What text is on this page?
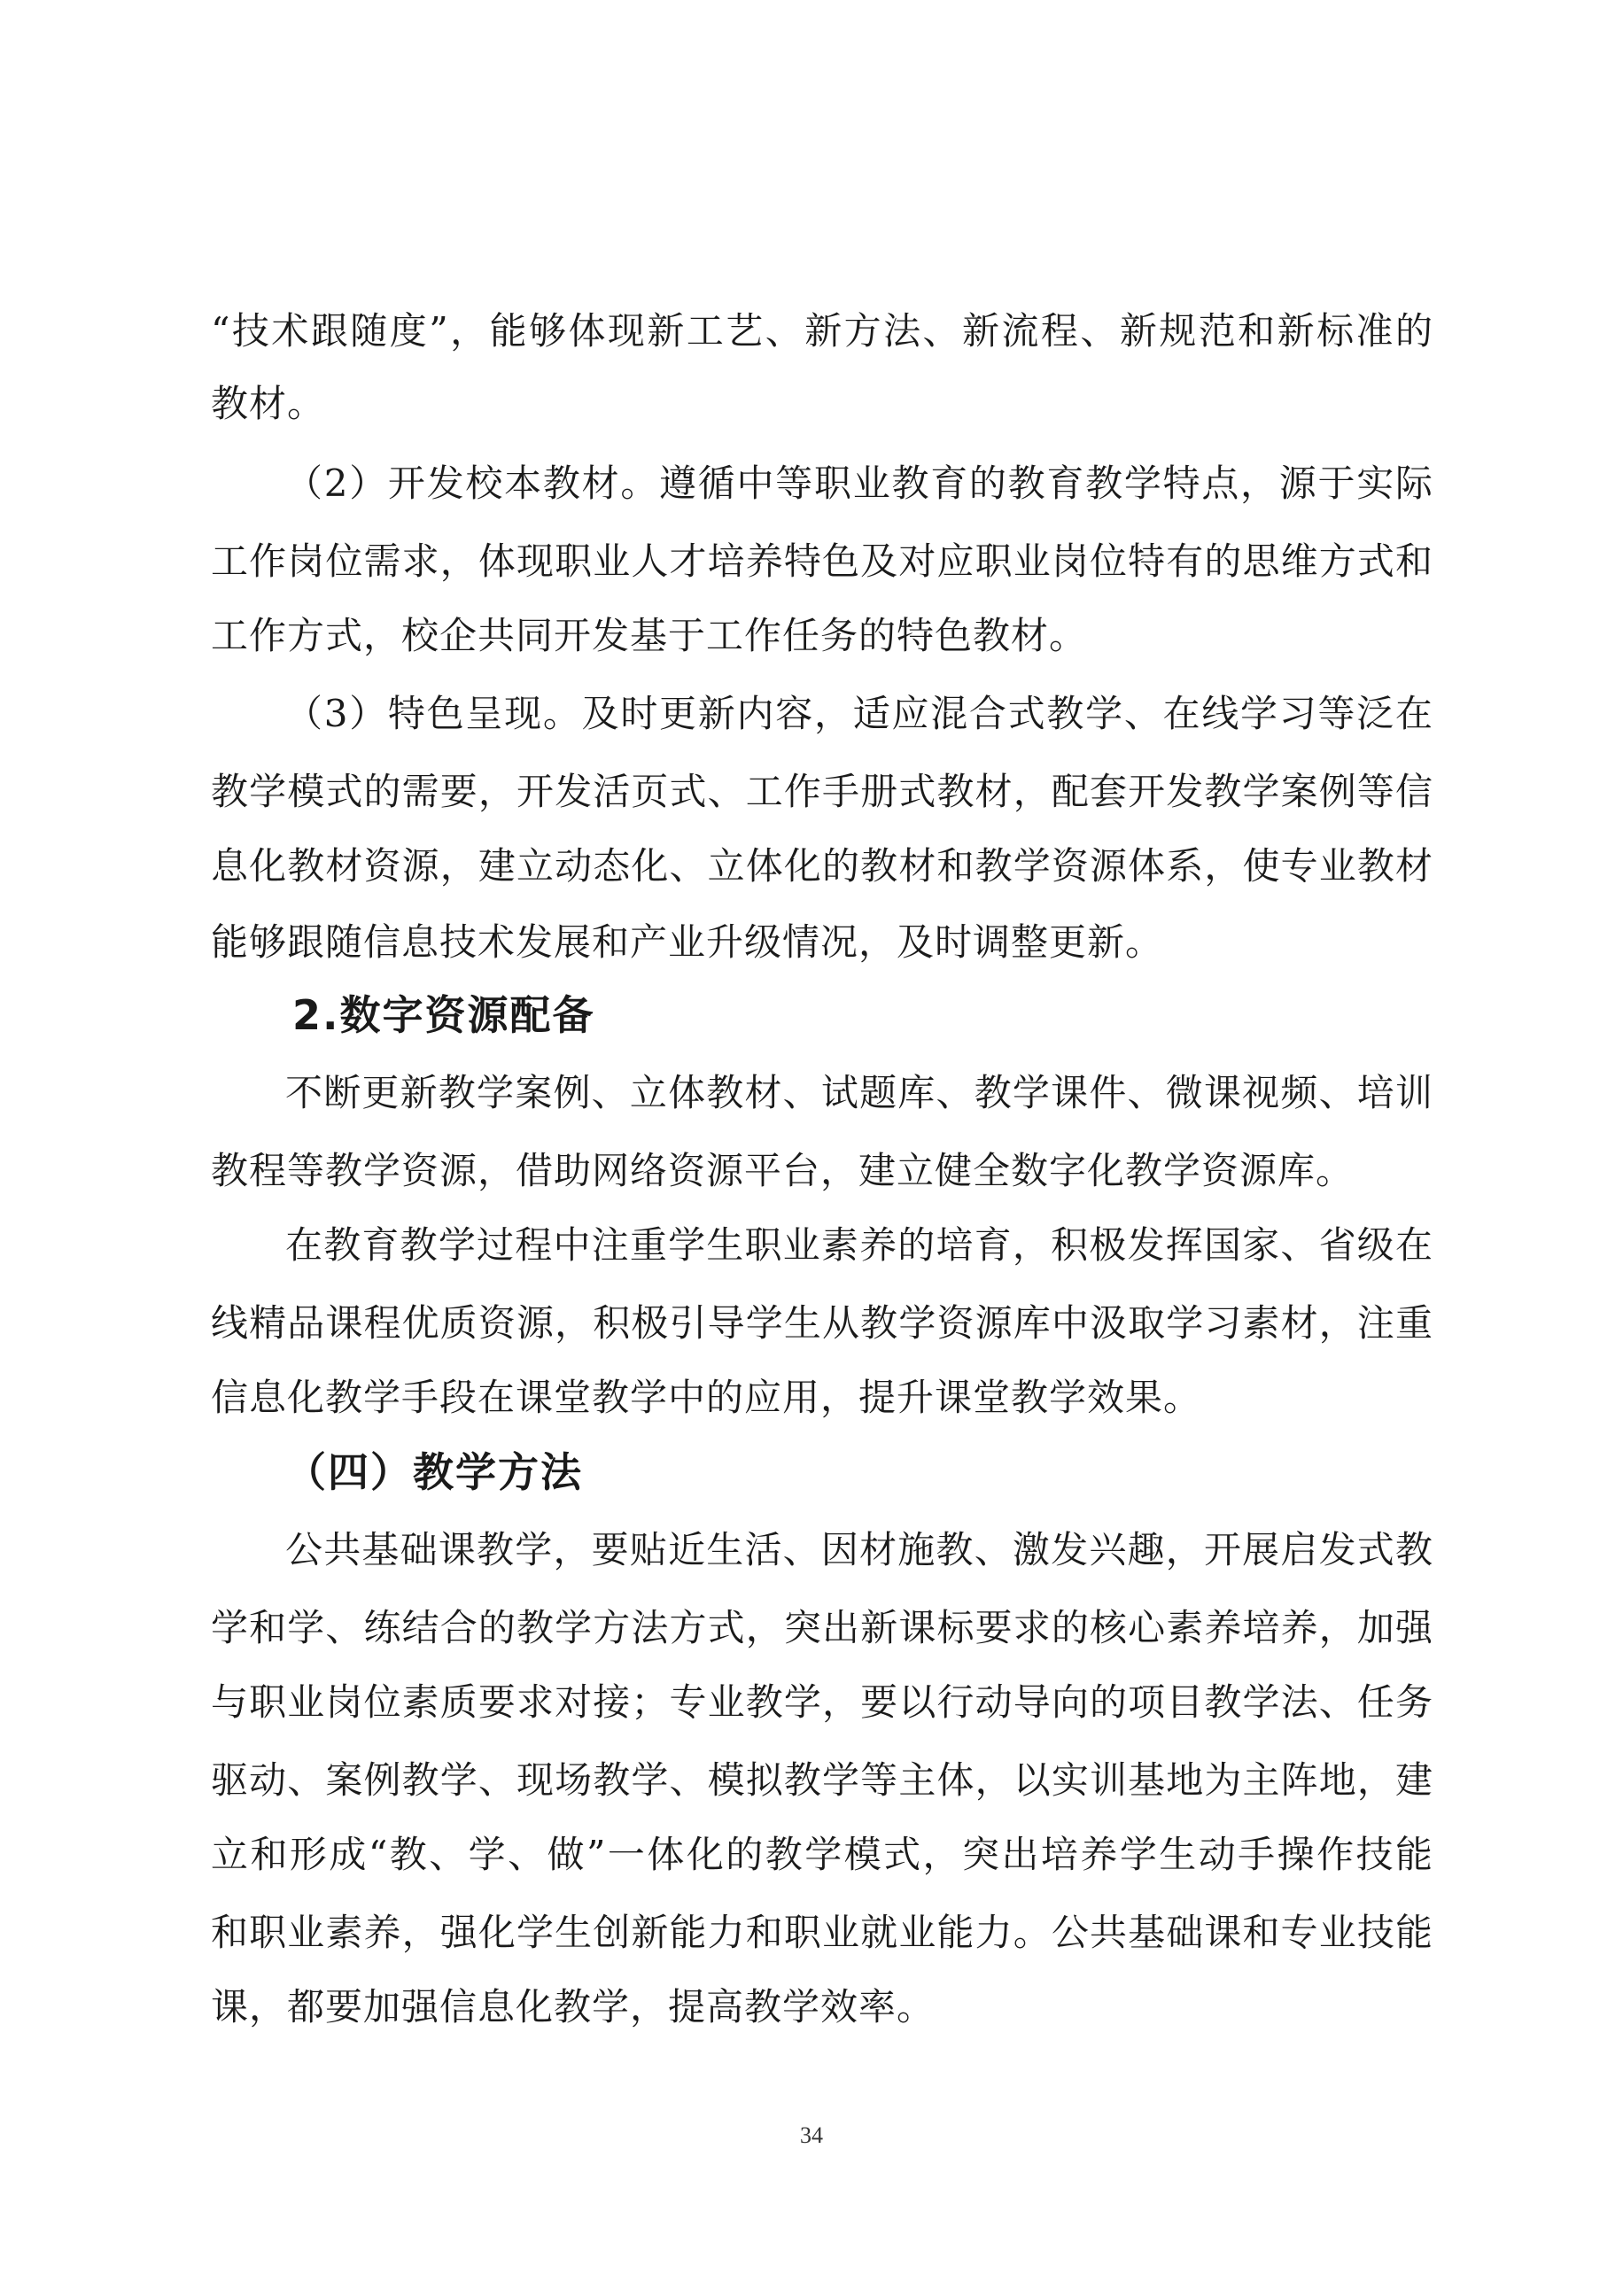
“技术跟随度”，能够体现新工艺、新方法、新流程、新规范和新标准的
教材。
（2）开发校本教材。遵循中等职业教育的教育教学特点，源于实际
工作岗位需求，体现职业人才培养特色及对应职业岗位特有的思维方式和
工作方式，校企共同开发基于工作任务的特色教材。
（3）特色呈现。及时更新内容，适应混合式教学、在线学习等泛在
教学模式的需要，开发活页式、工作手册式教材，配套开发教学案例等信
息化教材资源，建立动态化、立体化的教材和教学资源体系，使专业教材
能够跟随信息技术发展和产业升级情况，及时调整更新。
2.数字资源配备
不断更新教学案例、立体教材、试题库、教学课件、微课视频、培训
教程等教学资源，借助网络资源平台，建立健全数字化教学资源库。
在教育教学过程中注重学生职业素养的培育，积极发挥国家、省级在
线精品课程优质资源，积极引导学生从教学资源库中汲取学习素材，注重
信息化教学手段在课堂教学中的应用，提升课堂教学效果。
（四）教学方法
公共基础课教学，要贴近生活、因材施教、激发兴趣，开展启发式教
学和学、练结合的教学方法方式，突出新课标要求的核心素养培养，加强
与职业岗位素质要求对接；专业教学，要以行动导向的项目教学法、任务
驱动、案例教学、现场教学、模拟教学等主体，以实训基地为主阵地，建
立和形成“教、学、做”一体化的教学模式，突出培养学生动手操作技能
和职业素养，强化学生创新能力和职业就业能力。公共基础课和专业技能
课，都要加强信息化教学，提高教学效率。
34
